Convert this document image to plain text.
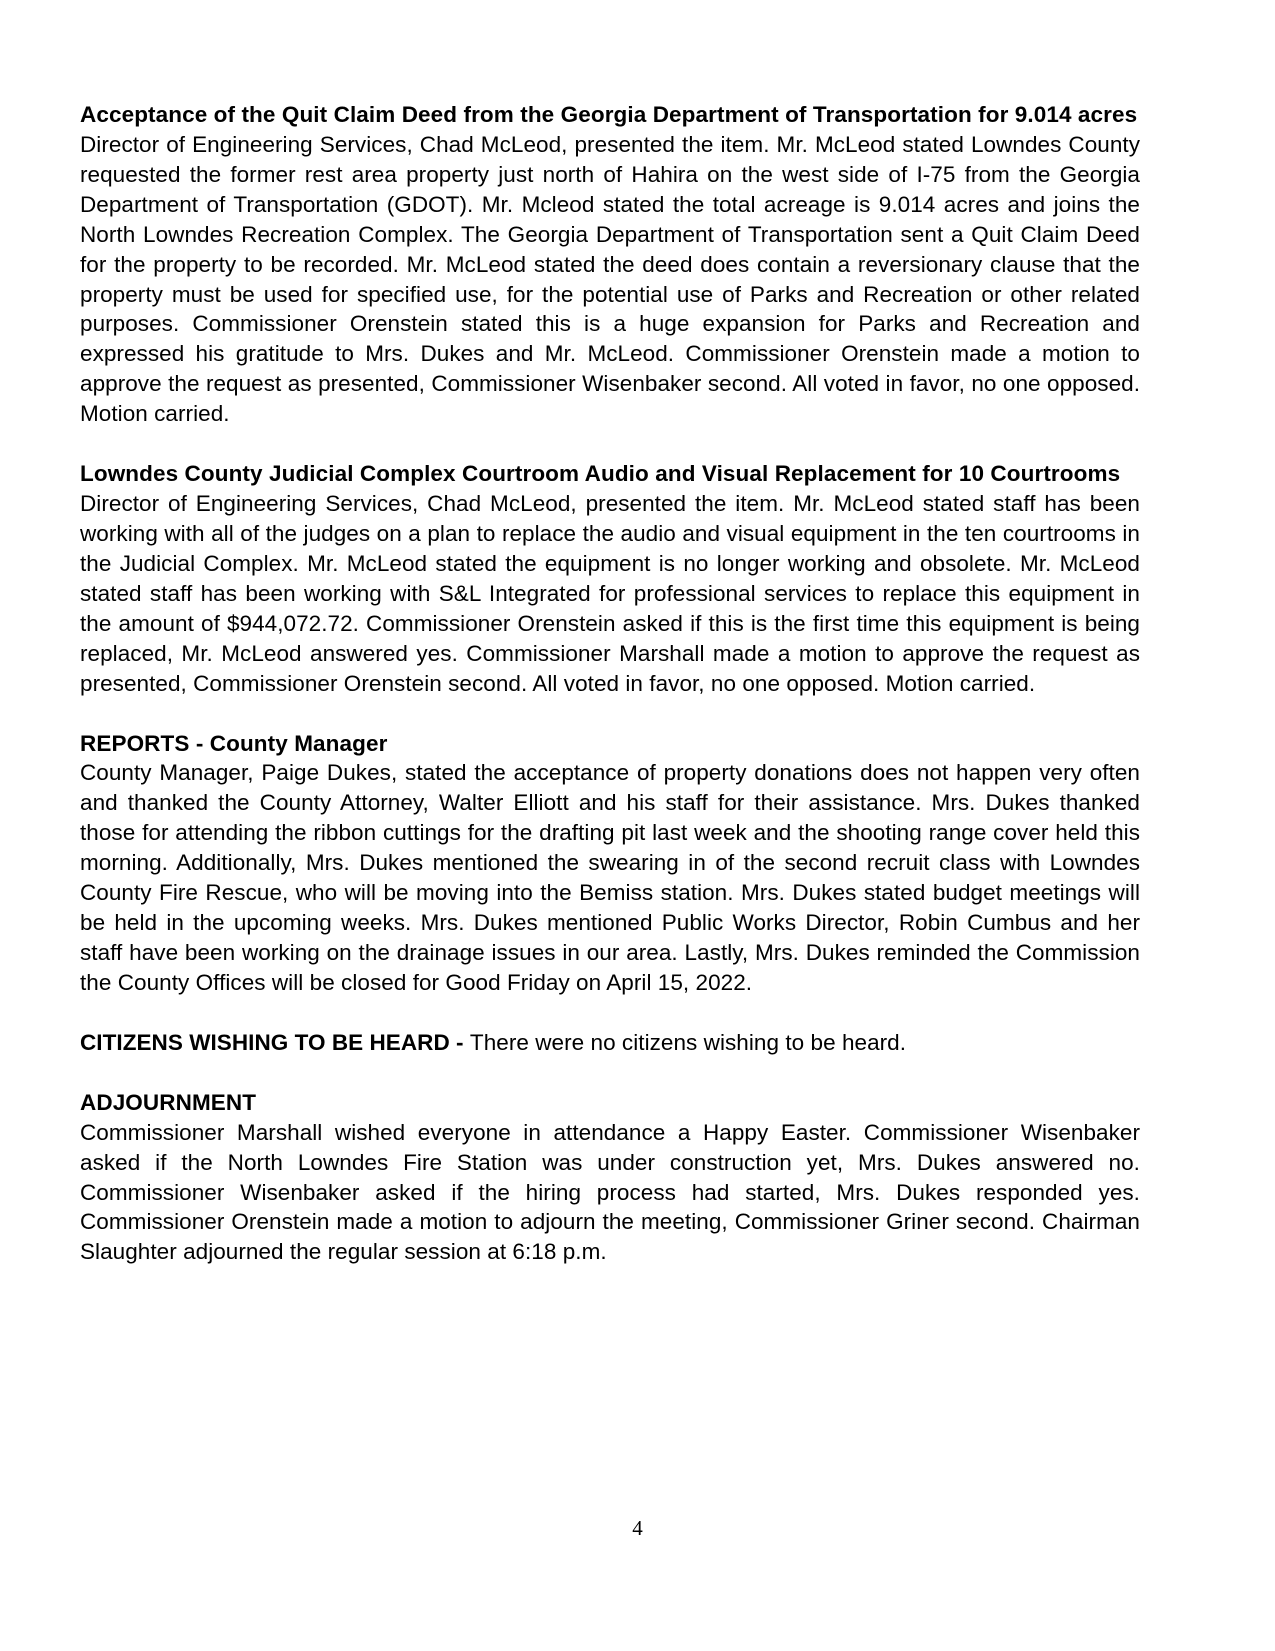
Acceptance of the Quit Claim Deed from the Georgia Department of Transportation for 9.014 acres

Director of Engineering Services, Chad McLeod, presented the item. Mr. McLeod stated Lowndes County requested the former rest area property just north of Hahira on the west side of I-75 from the Georgia Department of Transportation (GDOT). Mr. Mcleod stated the total acreage is 9.014 acres and joins the North Lowndes Recreation Complex. The Georgia Department of Transportation sent a Quit Claim Deed for the property to be recorded. Mr. McLeod stated the deed does contain a reversionary clause that the property must be used for specified use, for the potential use of Parks and Recreation or other related purposes. Commissioner Orenstein stated this is a huge expansion for Parks and Recreation and expressed his gratitude to Mrs. Dukes and Mr. McLeod. Commissioner Orenstein made a motion to approve the request as presented, Commissioner Wisenbaker second. All voted in favor, no one opposed. Motion carried.

Lowndes County Judicial Complex Courtroom Audio and Visual Replacement for 10 Courtrooms

Director of Engineering Services, Chad McLeod, presented the item. Mr. McLeod stated staff has been working with all of the judges on a plan to replace the audio and visual equipment in the ten courtrooms in the Judicial Complex. Mr. McLeod stated the equipment is no longer working and obsolete. Mr. McLeod stated staff has been working with S&L Integrated for professional services to replace this equipment in the amount of $944,072.72. Commissioner Orenstein asked if this is the first time this equipment is being replaced, Mr. McLeod answered yes. Commissioner Marshall made a motion to approve the request as presented, Commissioner Orenstein second. All voted in favor, no one opposed. Motion carried.

REPORTS - County Manager

County Manager, Paige Dukes, stated the acceptance of property donations does not happen very often and thanked the County Attorney, Walter Elliott and his staff for their assistance. Mrs. Dukes thanked those for attending the ribbon cuttings for the drafting pit last week and the shooting range cover held this morning. Additionally, Mrs. Dukes mentioned the swearing in of the second recruit class with Lowndes County Fire Rescue, who will be moving into the Bemiss station. Mrs. Dukes stated budget meetings will be held in the upcoming weeks. Mrs. Dukes mentioned Public Works Director, Robin Cumbus and her staff have been working on the drainage issues in our area. Lastly, Mrs. Dukes reminded the Commission the County Offices will be closed for Good Friday on April 15, 2022.

CITIZENS WISHING TO BE HEARD - There were no citizens wishing to be heard.

ADJOURNMENT

Commissioner Marshall wished everyone in attendance a Happy Easter. Commissioner Wisenbaker asked if the North Lowndes Fire Station was under construction yet, Mrs. Dukes answered no. Commissioner Wisenbaker asked if the hiring process had started, Mrs. Dukes responded yes. Commissioner Orenstein made a motion to adjourn the meeting, Commissioner Griner second. Chairman Slaughter adjourned the regular session at 6:18 p.m.

4
